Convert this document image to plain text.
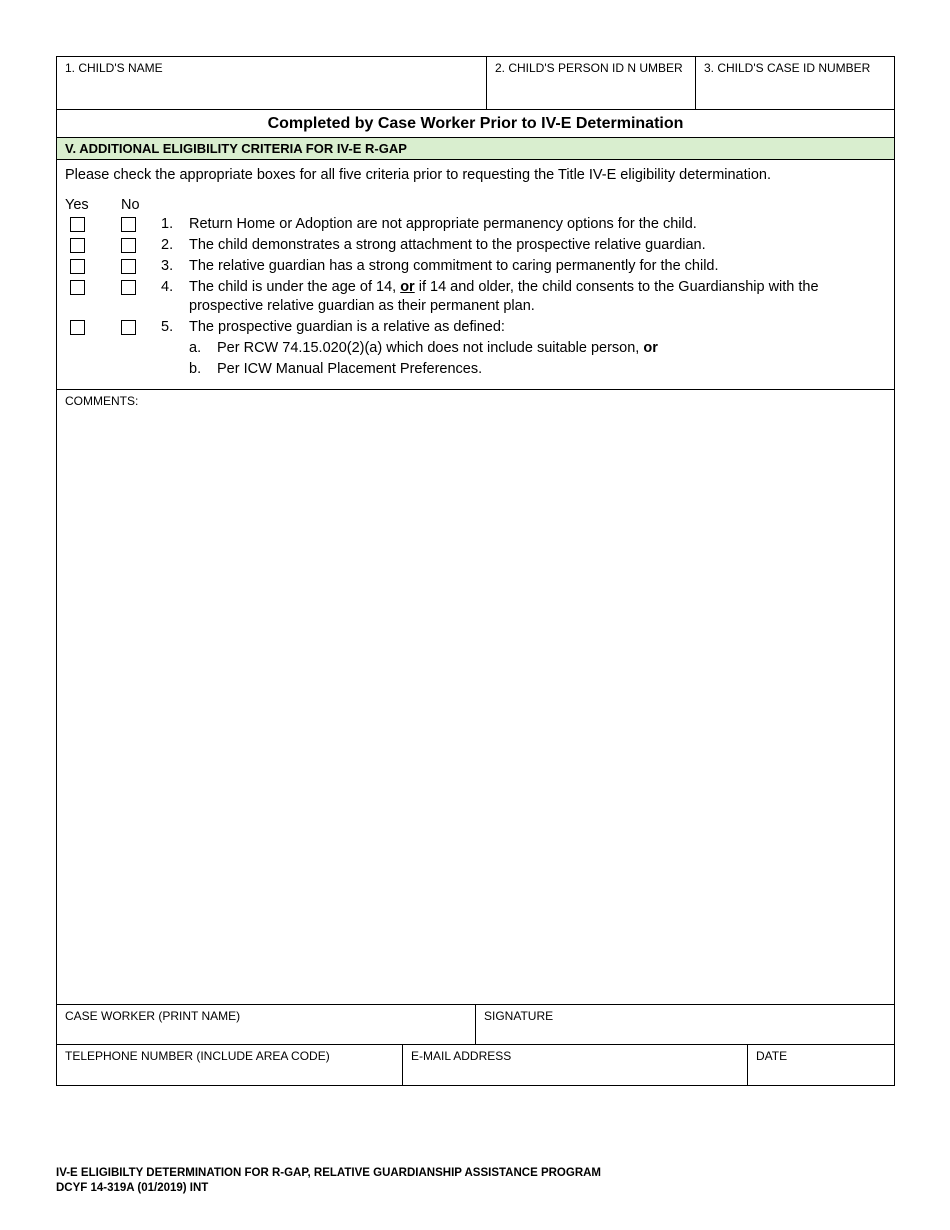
1. CHILD'S NAME	2. CHILD'S PERSON ID N UMBER	3. CHILD'S CASE ID NUMBER
Completed by Case Worker Prior to IV-E Determination
V. ADDITIONAL ELIGIBILITY CRITERIA FOR IV-E R-GAP
Please check the appropriate boxes for all five criteria prior to requesting the Title IV-E eligibility determination.
Yes	No
1.	Return Home or Adoption are not appropriate permanency options for the child.
2.	The child demonstrates a strong attachment to the prospective relative guardian.
3.	The relative guardian has a strong commitment to caring permanently for the child.
4.	The child is under the age of 14, or if 14 and older, the child consents to the Guardianship with the prospective relative guardian as their permanent plan.
5.	The prospective guardian is a relative as defined:
a.	Per RCW 74.15.020(2)(a) which does not include suitable person, or
b.	Per ICW Manual Placement Preferences.
COMMENTS:
CASE WORKER (PRINT NAME)	SIGNATURE
TELEPHONE NUMBER (INCLUDE AREA CODE)	E-MAIL ADDRESS	DATE
IV-E ELIGIBILTY DETERMINATION FOR R-GAP, RELATIVE GUARDIANSHIP ASSISTANCE PROGRAM
DCYF 14-319A (01/2019) INT
